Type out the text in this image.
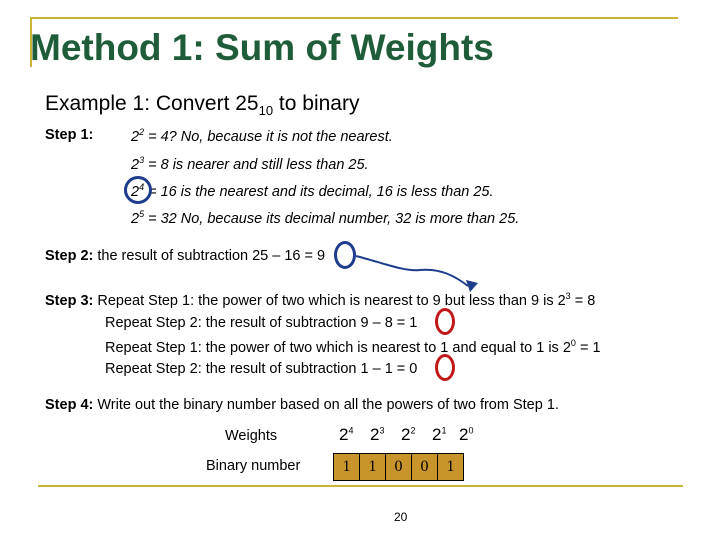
Method 1: Sum of Weights
Example 1: Convert $25_{10}$ to binary
Step 1:	$2^2 = 4$? No, because it is not the nearest.
$2^3 = 8$ is nearer and still less than 25.
$2^4 = 16$ is the nearest and its decimal, 16 is less than 25.
$2^5 = 32$ No, because its decimal number, 32 is more than 25.
Step 2: the result of subtraction 25 – 16 = 9
Step 3: Repeat Step 1: the power of two which is nearest to 9 but less than 9 is $2^3 = 8$
Repeat Step 2: the result of subtraction 9 – 8 = 1
Repeat Step 1: the power of two which is nearest to 1 and equal to 1 is $2^0 = 1$
Repeat Step 2: the result of subtraction 1 – 1 = 0
Step 4: Write out the binary number based on all the powers of two from Step 1.
Weights	$2^4$ $2^3$ $2^2$ $2^1$ $2^0$
Binary number	1	1	0	0	1
20
